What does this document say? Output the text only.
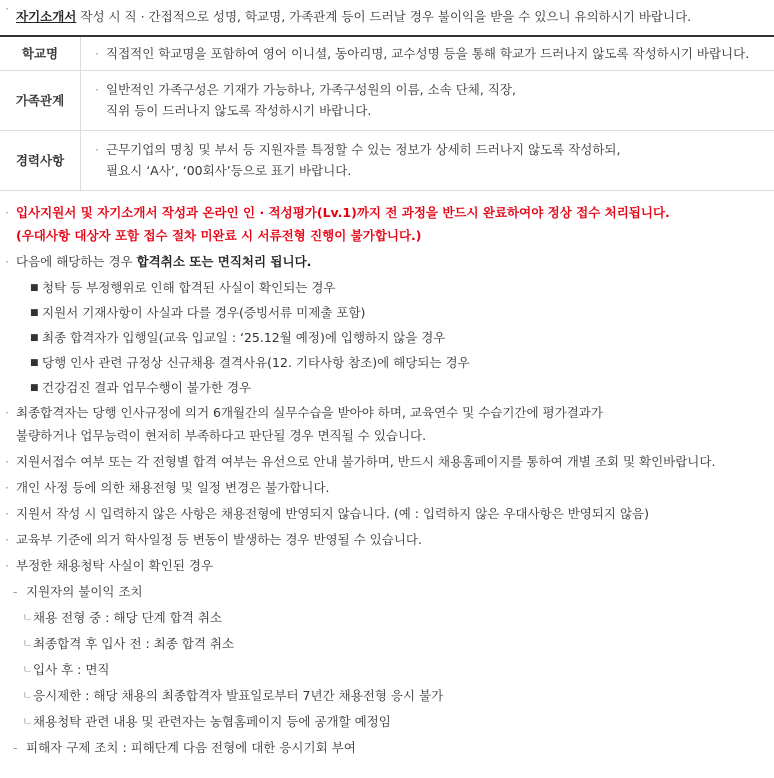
·
자기소개서 작성 시 직 · 간접적으로 성명, 학교명, 가족관계 등이 드러날 경우 불이익을 받을 수 있으니 유의하시기 바랍니다.
학교명	· 직접적인 학교명을 포함하여 영어 이니셜, 동아리명, 교수성명 등을 통해 학교가 드러나지 않도록 작성하시기 바랍니다.

가족관계	· 일반적인 가족구성은 기재가 가능하나, 가족구성원의 이름, 소속 단체, 직장,
직위 등이 드러나지 않도록 작성하시기 바랍니다.

경력사항	· 근무기업의 명칭 및 부서 등 지원자를 특정할 수 있는 정보가 상세히 드러나지 않도록 작성하되,
필요시 ‘A사’, ‘00회사’등으로 표기 바랍니다.
· 입사지원서 및 자기소개서 작성과 온라인 인 · 적성평가(Lv.1)까지 전 과정을 반드시 완료하여야 정상 접수 처리됩니다.
(우대사항 대상자 포함 접수 절차 미완료 시 서류전형 진행이 불가합니다.)
· 다음에 해당하는 경우 합격취소 또는 면직처리 됩니다.
■ 청탁 등 부정행위로 인해 합격된 사실이 확인되는 경우
■ 지원서 기재사항이 사실과 다를 경우(증빙서류 미제출 포함)
■ 최종 합격자가 입행일(교육 입교일 : ‘25.12월 예정)에 입행하지 않을 경우
■ 당행 인사 관련 규정상 신규채용 결격사유(12. 기타사항 참조)에 해당되는 경우
■ 건강검진 결과 업무수행이 불가한 경우
· 최종합격자는 당행 인사규정에 의거 6개월간의 실무수습을 받아야 하며, 교육연수 및 수습기간에 평가결과가
불량하거나 업무능력이 현저히 부족하다고 판단될 경우 면직될 수 있습니다.
· 지원서접수 여부 또는 각 전형별 합격 여부는 유선으로 안내 불가하며, 반드시 채용홈페이지를 통하여 개별 조회 및 확인바랍니다.
· 개인 사정 등에 의한 채용전형 및 일정 변경은 불가합니다.
· 지원서 작성 시 입력하지 않은 사항은 채용전형에 반영되지 않습니다. (예 : 입력하지 않은 우대사항은 반영되지 않음)
· 교육부 기준에 의거 학사일정 등 변동이 발생하는 경우 반영될 수 있습니다.
· 부정한 채용청탁 사실이 확인된 경우
- 지원자의 불이익 조치
ㄴ 채용 전형 중 : 해당 단계 합격 취소
ㄴ 최종합격 후 입사 전 : 최종 합격 취소
ㄴ 입사 후 : 면직
ㄴ 응시제한 : 해당 채용의 최종합격자 발표일로부터 7년간 채용전형 응시 불가
ㄴ 채용청탁 관련 내용 및 관련자는 농협홈페이지 등에 공개할 예정임
- 피해자 구제 조치 : 피해단계 다음 전형에 대한 응시기회 부여
